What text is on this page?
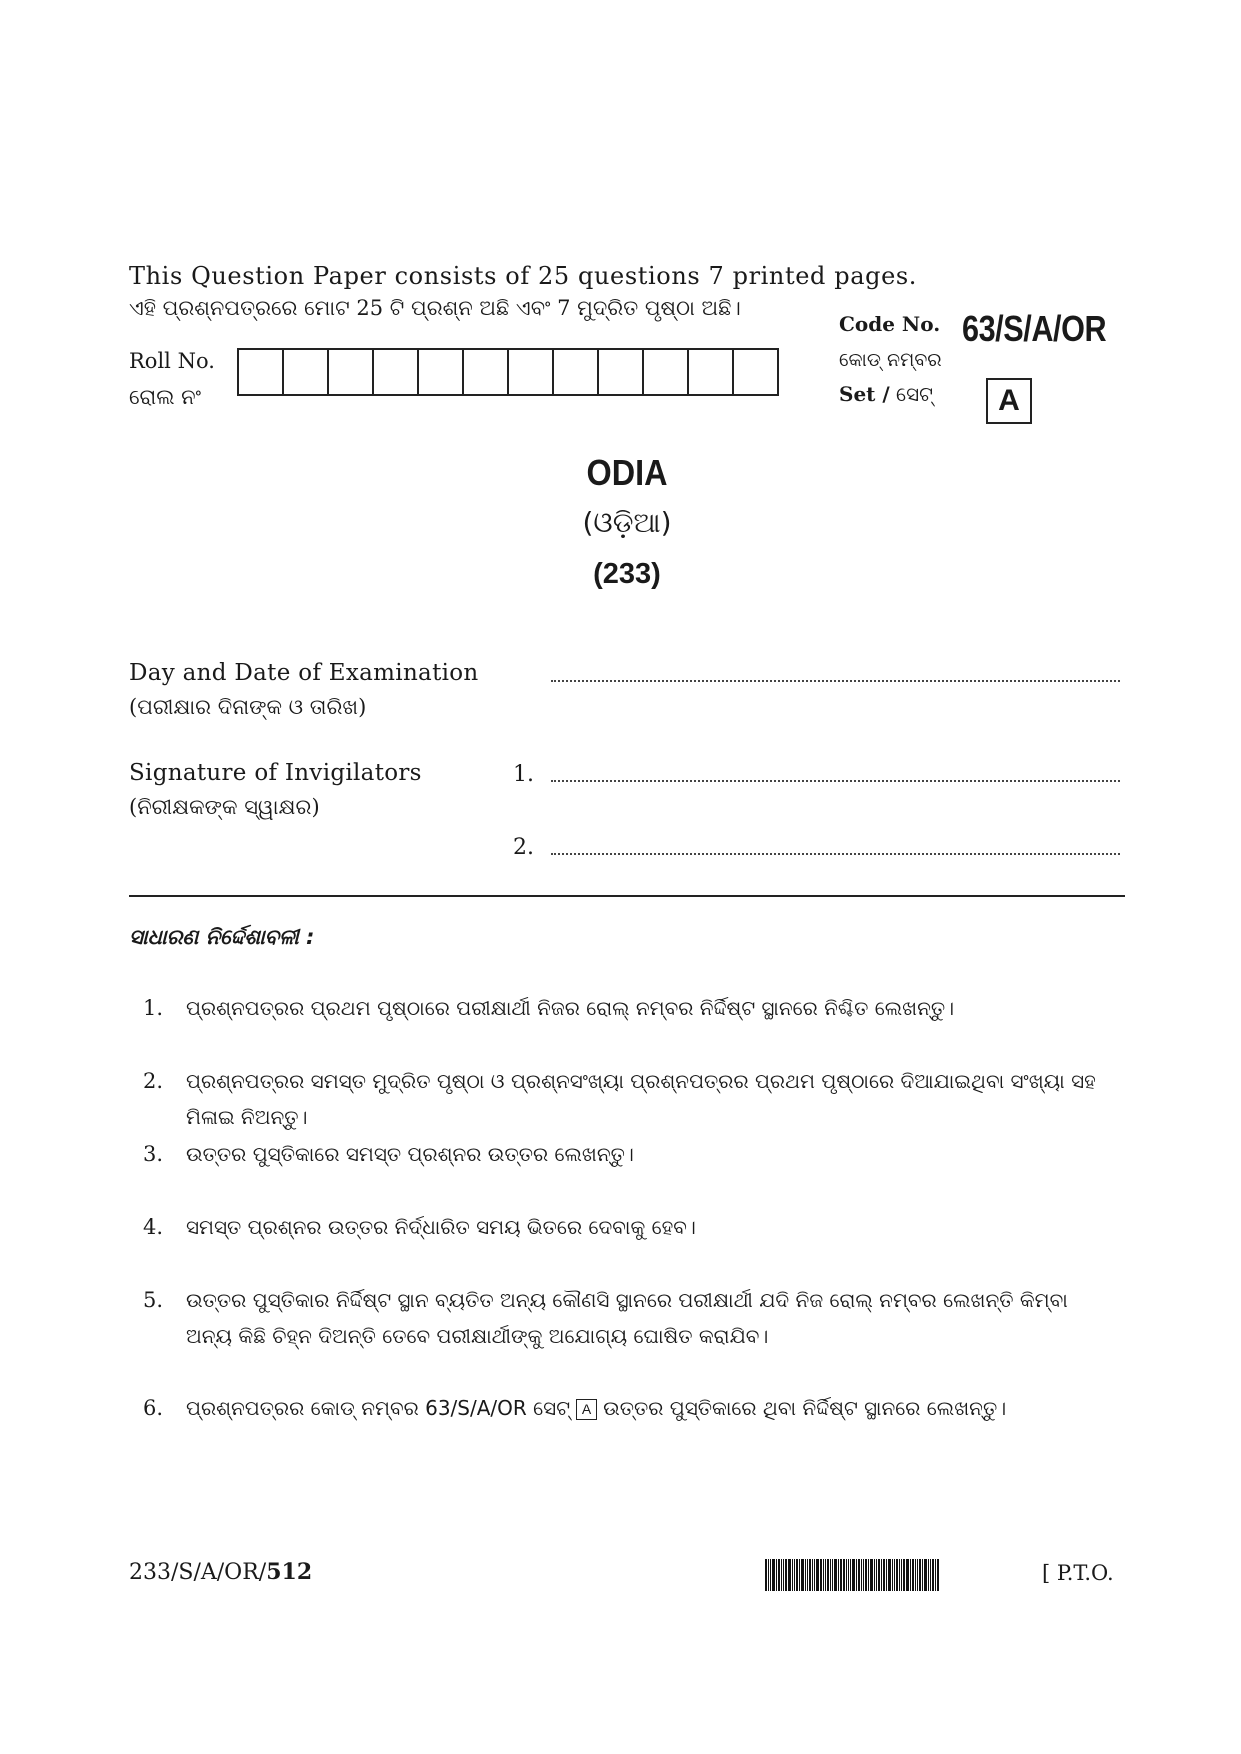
This Question Paper consists of 25 questions 7 printed pages.
ଏହି ପ୍ରଶ୍ନପତ୍ରରେ ମୋଟ 25 ଟି ପ୍ରଶ୍ନ ଅଛି ଏବଂ 7 ମୁଦ୍ରିତ ପୃଷ୍ଠା ଅଛି।
Roll No.
ରୋଲ ନଂ
Code No.
କୋଡ୍ ନମ୍ବର
63/S/A/OR
Set / ସେଟ୍	A
ODIA
(ଓଡ଼ିଆ)
(233)
Day and Date of Examination
(ପରୀକ୍ଷାର ଦିନାଙ୍କ ଓ ତାରିଖ)
Signature of Invigilators
(ନିରୀକ୍ଷକଙ୍କ ସ୍ୱାକ୍ଷର)
1.
2.
ସାଧାରଣ ନିର୍ଦ୍ଦେଶାବଳୀ :
1. ପ୍ରଶ୍ନପତ୍ରର ପ୍ରଥମ ପୃଷ୍ଠାରେ ପରୀକ୍ଷାର୍ଥୀ ନିଜର ରୋଲ୍ ନମ୍ବର ନିର୍ଦ୍ଦିଷ୍ଟ ସ୍ଥାନରେ ନିଶ୍ଚିତ ଲେଖନ୍ତୁ।
2. ପ୍ରଶ୍ନପତ୍ରର ସମସ୍ତ ମୁଦ୍ରିତ ପୃଷ୍ଠା ଓ ପ୍ରଶ୍ନସଂଖ୍ୟା ପ୍ରଶ୍ନପତ୍ରର ପ୍ରଥମ ପୃଷ୍ଠାରେ ଦିଆଯାଇଥିବା ସଂଖ୍ୟା ସହ ମିଳାଇ ନିଅନ୍ତୁ।
3. ଉତ୍ତର ପୁସ୍ତିକାରେ ସମସ୍ତ ପ୍ରଶ୍ନର ଉତ୍ତର ଲେଖନ୍ତୁ।
4. ସମସ୍ତ ପ୍ରଶ୍ନର ଉତ୍ତର ନିର୍ଦ୍ଧାରିତ ସମୟ ଭିତରେ ଦେବାକୁ ହେବ।
5. ଉତ୍ତର ପୁସ୍ତିକାର ନିର୍ଦ୍ଦିଷ୍ଟ ସ୍ଥାନ ବ୍ୟତିତ ଅନ୍ୟ କୌଣସି ସ୍ଥାନରେ ପରୀକ୍ଷାର୍ଥୀ ଯଦି ନିଜ ରୋଲ୍ ନମ୍ବର ଲେଖନ୍ତି କିମ୍ବା ଅନ୍ୟ କିଛି ଚିହ୍ନ ଦିଅନ୍ତି ତେବେ ପରୀକ୍ଷାର୍ଥୀଙ୍କୁ ଅଯୋଗ୍ୟ ଘୋଷିତ କରାଯିବ।
6. ପ୍ରଶ୍ନପତ୍ରର କୋଡ୍ ନମ୍ବର 63/S/A/OR ସେଟ୍ A ଉତ୍ତର ପୁସ୍ତିକାରେ ଥିବା ନିର୍ଦ୍ଦିଷ୍ଟ ସ୍ଥାନରେ ଲେଖନ୍ତୁ।
233/S/A/OR/512	[ P.T.O.
